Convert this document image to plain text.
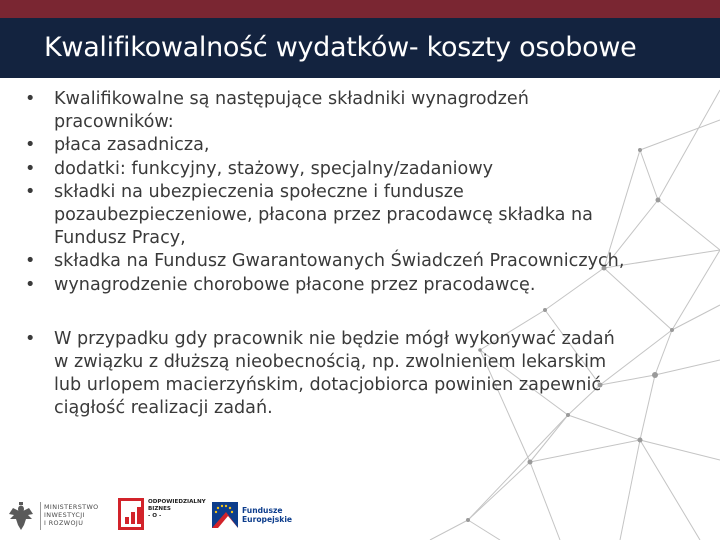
Kwalifikowalność wydatków- koszty osobowe
• Kwalifikowalne są następujące składniki wynagrodzeń
pracowników:
• płaca zasadnicza,
• dodatki: funkcyjny, stażowy, specjalny/zadaniowy
• składki na ubezpieczenia społeczne i fundusze
pozaubezpieczeniowe, płacona przez pracodawcę składka na
Fundusz Pracy,
• składka na Fundusz Gwarantowanych Świadczeń Pracowniczych,
• wynagrodzenie chorobowe płacone przez pracodawcę.
• W przypadku gdy pracownik nie będzie mógł wykonywać zadań
w związku z dłuższą nieobecnością, np. zwolnieniem lekarskim
lub urlopem macierzyńskim, dotacjobiorca powinien zapewnić
ciągłość realizacji zadań.
MINISTERSTWO
INWESTYCJI
I ROZWOJU
ODPOWIEDZIALNY
BIZNES
- O -
Fundusze
Europejskie
